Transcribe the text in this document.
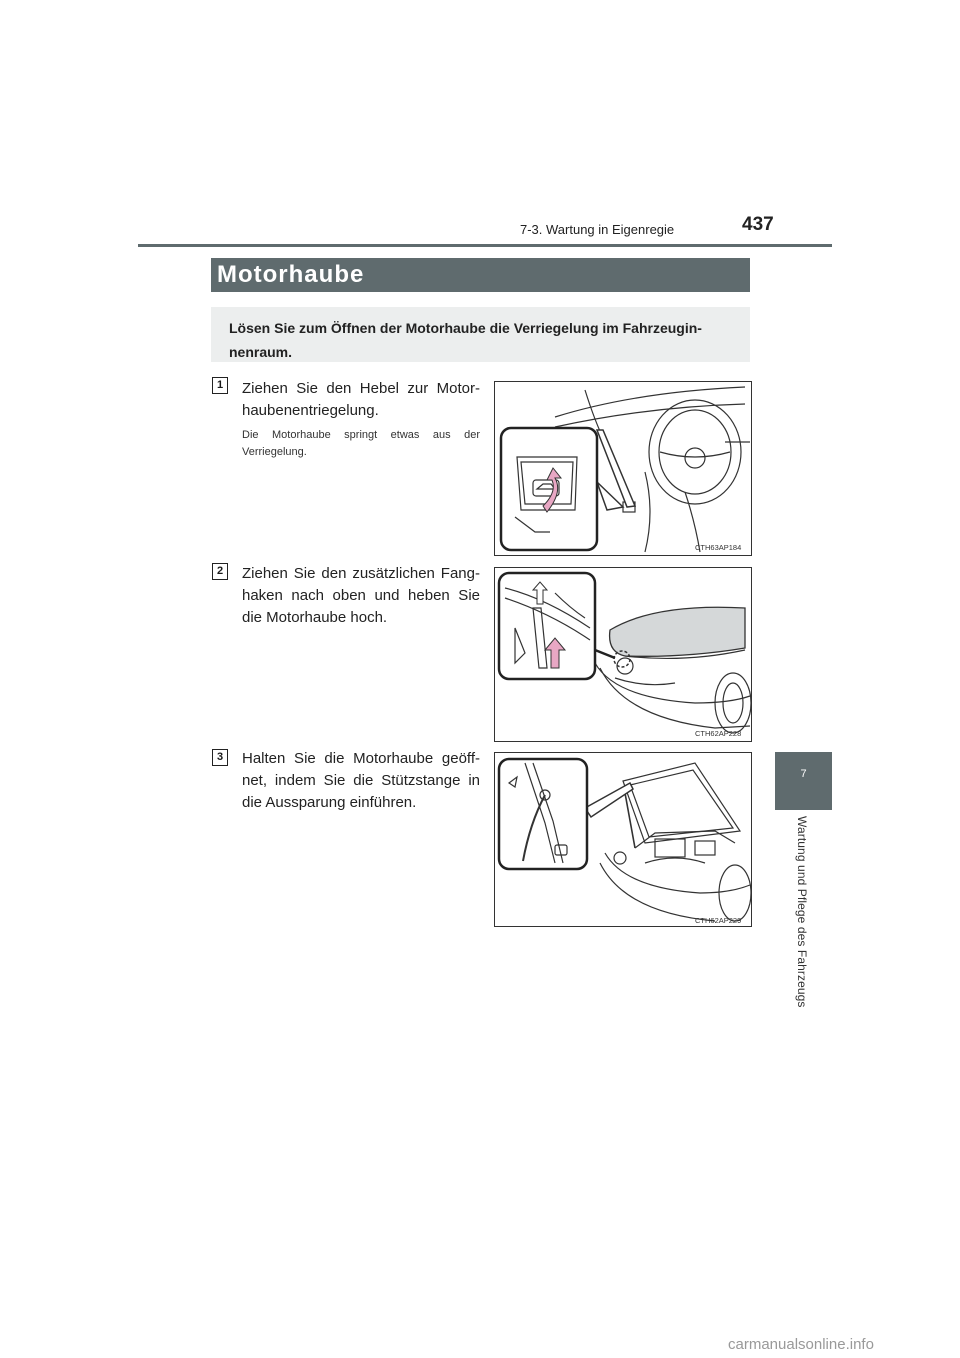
7-3. Wartung in Eigenregie	437
7
Wartung und Pflege des Fahrzeugs
Motorhaube
Lösen Sie zum Öffnen der Motorhaube die Verriegelung im Fahrzeugin-nenraum.
1	Ziehen Sie den Hebel zur Motor-haubenentriegelung.
Die Motorhaube springt etwas aus der Verriegelung.
CTH63AP184
2	Ziehen Sie den zusätzlichen Fang-haken nach oben und heben Sie die Motorhaube hoch.
CTH62AP228
3	Halten Sie die Motorhaube geöff-net, indem Sie die Stützstange in die Aussparung einführen.
CTH62AP229
carmanualsonline.info
